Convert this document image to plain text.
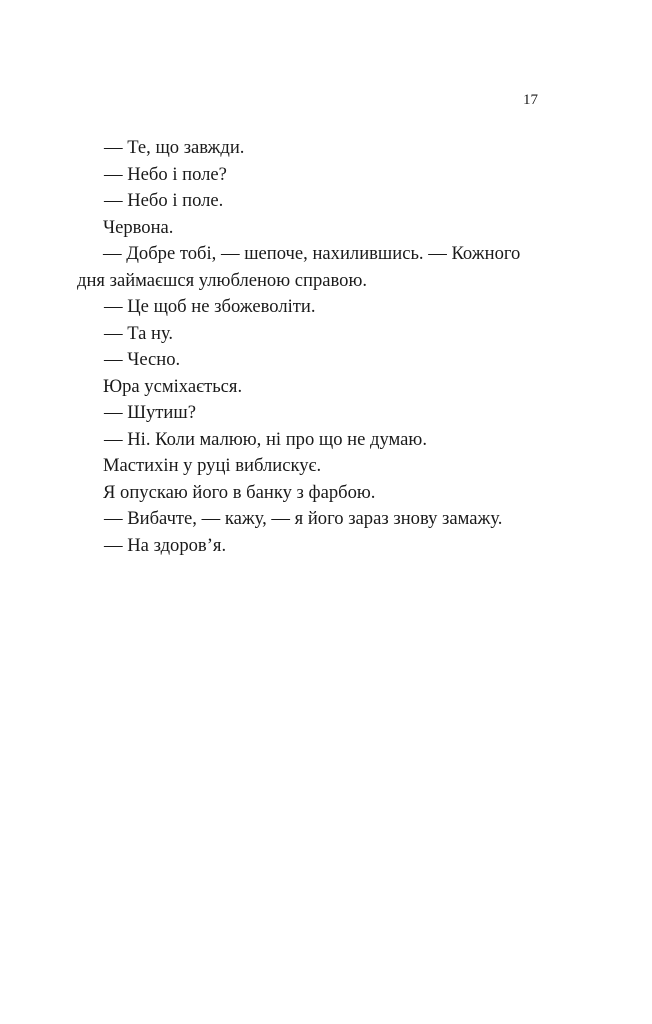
17

— Те, що завжди.

— Небо і поле?

— Небо і поле.

Червона.

— Добре тобі, — шепоче, нахилившись. — Кожного
дня займаєшся улюбленою справою.

— Це щоб не збожеволіти.

— Та ну.

— Чесно.

Юра усміхається.

— Шутиш?

— Ні. Коли малюю, ні про що не думаю.

Мастихін у руці виблискує.

Я опускаю його в банку з фарбою.

— Вибачте, — кажу, — я його зараз знову замажу.

— На здоров’я.
